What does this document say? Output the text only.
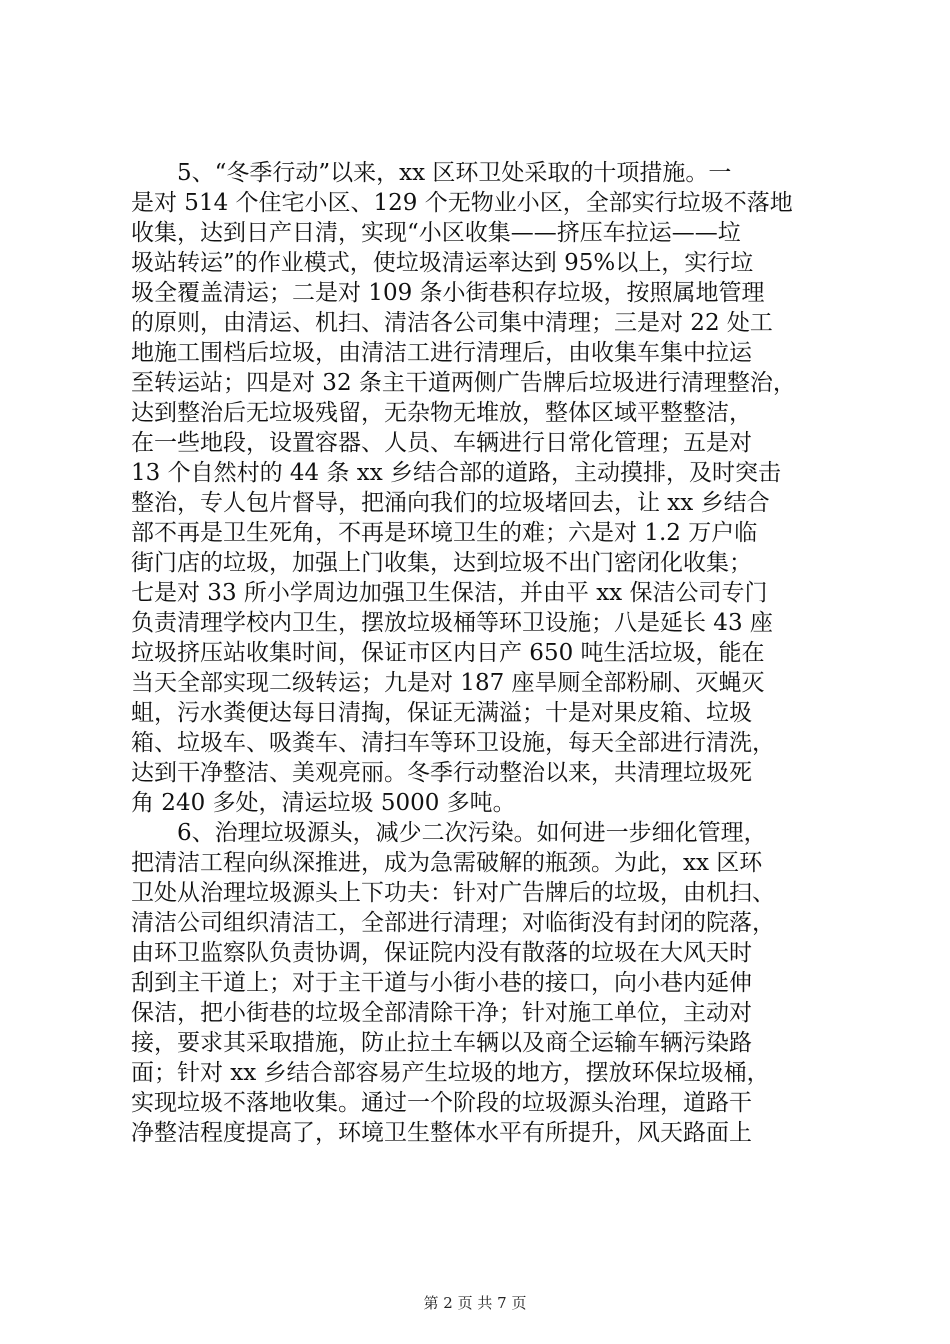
5、“冬季行动”以来，xx 区环卫处采取的十项措施。一
是对 514 个住宅小区、129 个无物业小区，全部实行垃圾不落地
收集，达到日产日清，实现“小区收集——挤压车拉运——垃
圾站转运”的作业模式，使垃圾清运率达到 95%以上，实行垃
圾全覆盖清运；二是对 109 条小街巷积存垃圾，按照属地管理
的原则，由清运、机扫、清洁各公司集中清理；三是对 22 处工
地施工围档后垃圾，由清洁工进行清理后，由收集车集中拉运
至转运站；四是对 32 条主干道两侧广告牌后垃圾进行清理整治，
达到整治后无垃圾残留，无杂物无堆放，整体区域平整整洁，
在一些地段，设置容器、人员、车辆进行日常化管理；五是对
13 个自然村的 44 条 xx 乡结合部的道路，主动摸排，及时突击
整治，专人包片督导，把涌向我们的垃圾堵回去，让 xx 乡结合
部不再是卫生死角，不再是环境卫生的难；六是对 1.2 万户临
街门店的垃圾，加强上门收集，达到垃圾不出门密闭化收集；
七是对 33 所小学周边加强卫生保洁，并由平 xx 保洁公司专门
负责清理学校内卫生，摆放垃圾桶等环卫设施；八是延长 43 座
垃圾挤压站收集时间，保证市区内日产 650 吨生活垃圾，能在
当天全部实现二级转运；九是对 187 座旱厕全部粉刷、灭蝇灭
蛆，污水粪便达每日清掏，保证无满溢；十是对果皮箱、垃圾
箱、垃圾车、吸粪车、清扫车等环卫设施，每天全部进行清洗，
达到干净整洁、美观亮丽。冬季行动整治以来，共清理垃圾死
角 240 多处，清运垃圾 5000 多吨。
6、治理垃圾源头，减少二次污染。如何进一步细化管理，
把清洁工程向纵深推进，成为急需破解的瓶颈。为此，xx 区环
卫处从治理垃圾源头上下功夫：针对广告牌后的垃圾，由机扫、
清洁公司组织清洁工，全部进行清理；对临街没有封闭的院落，
由环卫监察队负责协调，保证院内没有散落的垃圾在大风天时
刮到主干道上；对于主干道与小街小巷的接口，向小巷内延伸
保洁，把小街巷的垃圾全部清除干净；针对施工单位，主动对
接，要求其采取措施，防止拉土车辆以及商仝运输车辆污染路
面；针对 xx 乡结合部容易产生垃圾的地方，摆放环保垃圾桶，
实现垃圾不落地收集。通过一个阶段的垃圾源头治理，道路干
净整洁程度提高了，环境卫生整体水平有所提升，风天路面上
第 2 页 共 7 页
